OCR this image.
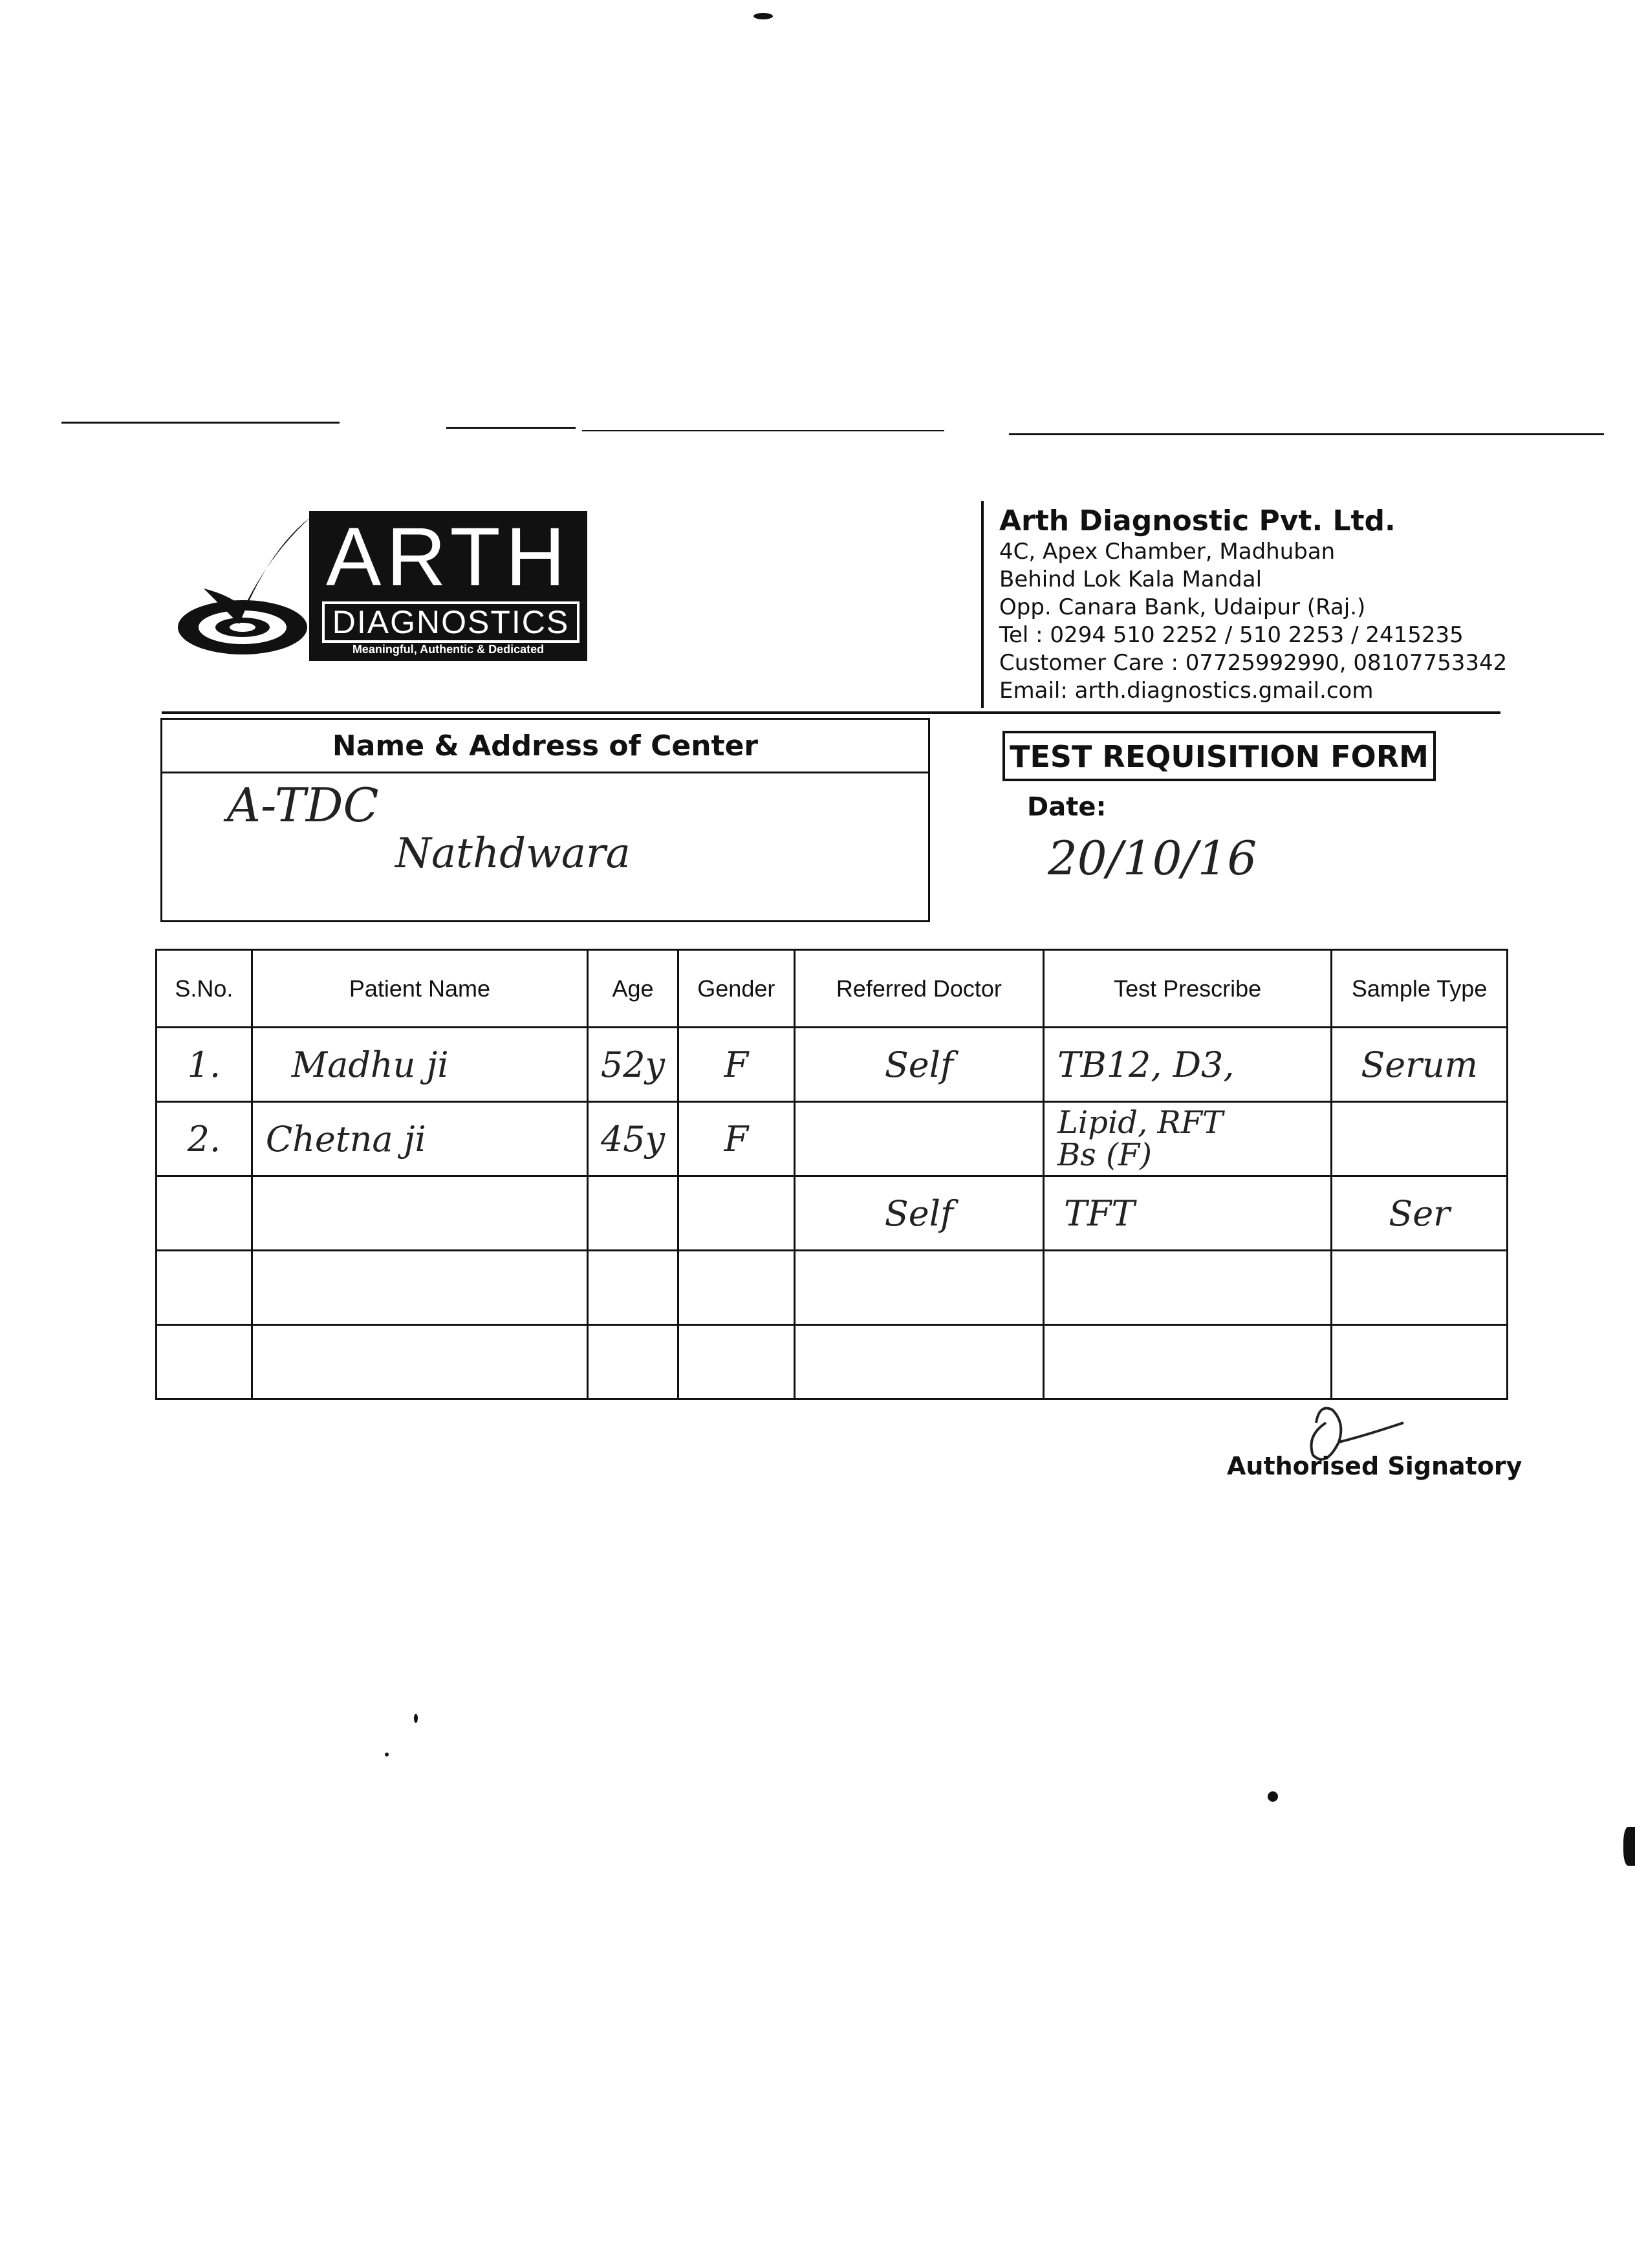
ARTH
DIAGNOSTICS
Meaningful, Authentic & Dedicated
Arth Diagnostic Pvt. Ltd.
4C, Apex Chamber, Madhuban
Behind Lok Kala Mandal
Opp. Canara Bank, Udaipur (Raj.)
Tel : 0294 510 2252 / 510 2253 / 2415235
Customer Care : 07725992990, 08107753342
Email: arth.diagnostics.gmail.com
Name & Address of Center
A-TDC
Nathdwara
TEST REQUISITION FORM
Date:
20/10/16
S.No.	Patient Name	Age	Gender	Referred Doctor	Test Prescribe	Sample Type
1.	Madhu ji	52y	F	Self	TB12, D3,	Serum
2.	Chetna ji	45y	F		Lipid, RFT
Bs (F)	

				Self	TFT	Ser

Authorised Signatory
